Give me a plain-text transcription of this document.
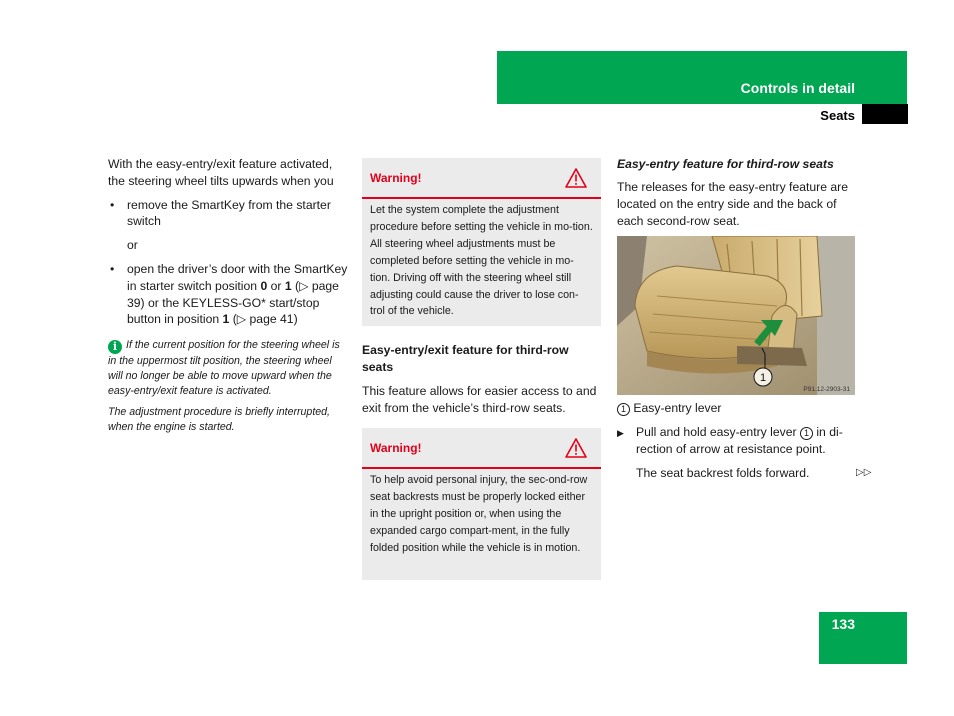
Controls in detail
Seats

With the easy-entry/exit feature activated, the steering wheel tilts upwards when you

• remove the SmartKey from the starter switch

or

• open the driver’s door with the SmartKey in starter switch position 0 or 1 (▷ page 39) or the KEYLESS-GO* start/stop button in position 1 (▷ page 41)

i If the current position for the steering wheel is in the uppermost tilt position, the steering wheel will no longer be able to move upward when the easy-entry/exit feature is activated.

The adjustment procedure is briefly interrupted, when the engine is started.

Warning!
Let the system complete the adjustment procedure before setting the vehicle in mo-tion. All steering wheel adjustments must be completed before setting the vehicle in mo-tion. Driving off with the steering wheel still adjusting could cause the driver to lose con-trol of the vehicle.

Easy-entry/exit feature for third-row seats

This feature allows for easier access to and exit from the vehicle’s third-row seats.

Warning!
To help avoid personal injury, the sec-ond-row seat backrests must be properly locked either in the upright position or, when using the expanded cargo compart-ment, in the fully folded position while the vehicle is in motion.

Easy-entry feature for third-row seats

The releases for the easy-entry feature are located on the entry side and the back of each second-row seat.

1
P91.12-2903-31

1 Easy-entry lever

▶ Pull and hold easy-entry lever 1 in di-rection of arrow at resistance point.

The seat backrest folds forward.	▷▷
133
